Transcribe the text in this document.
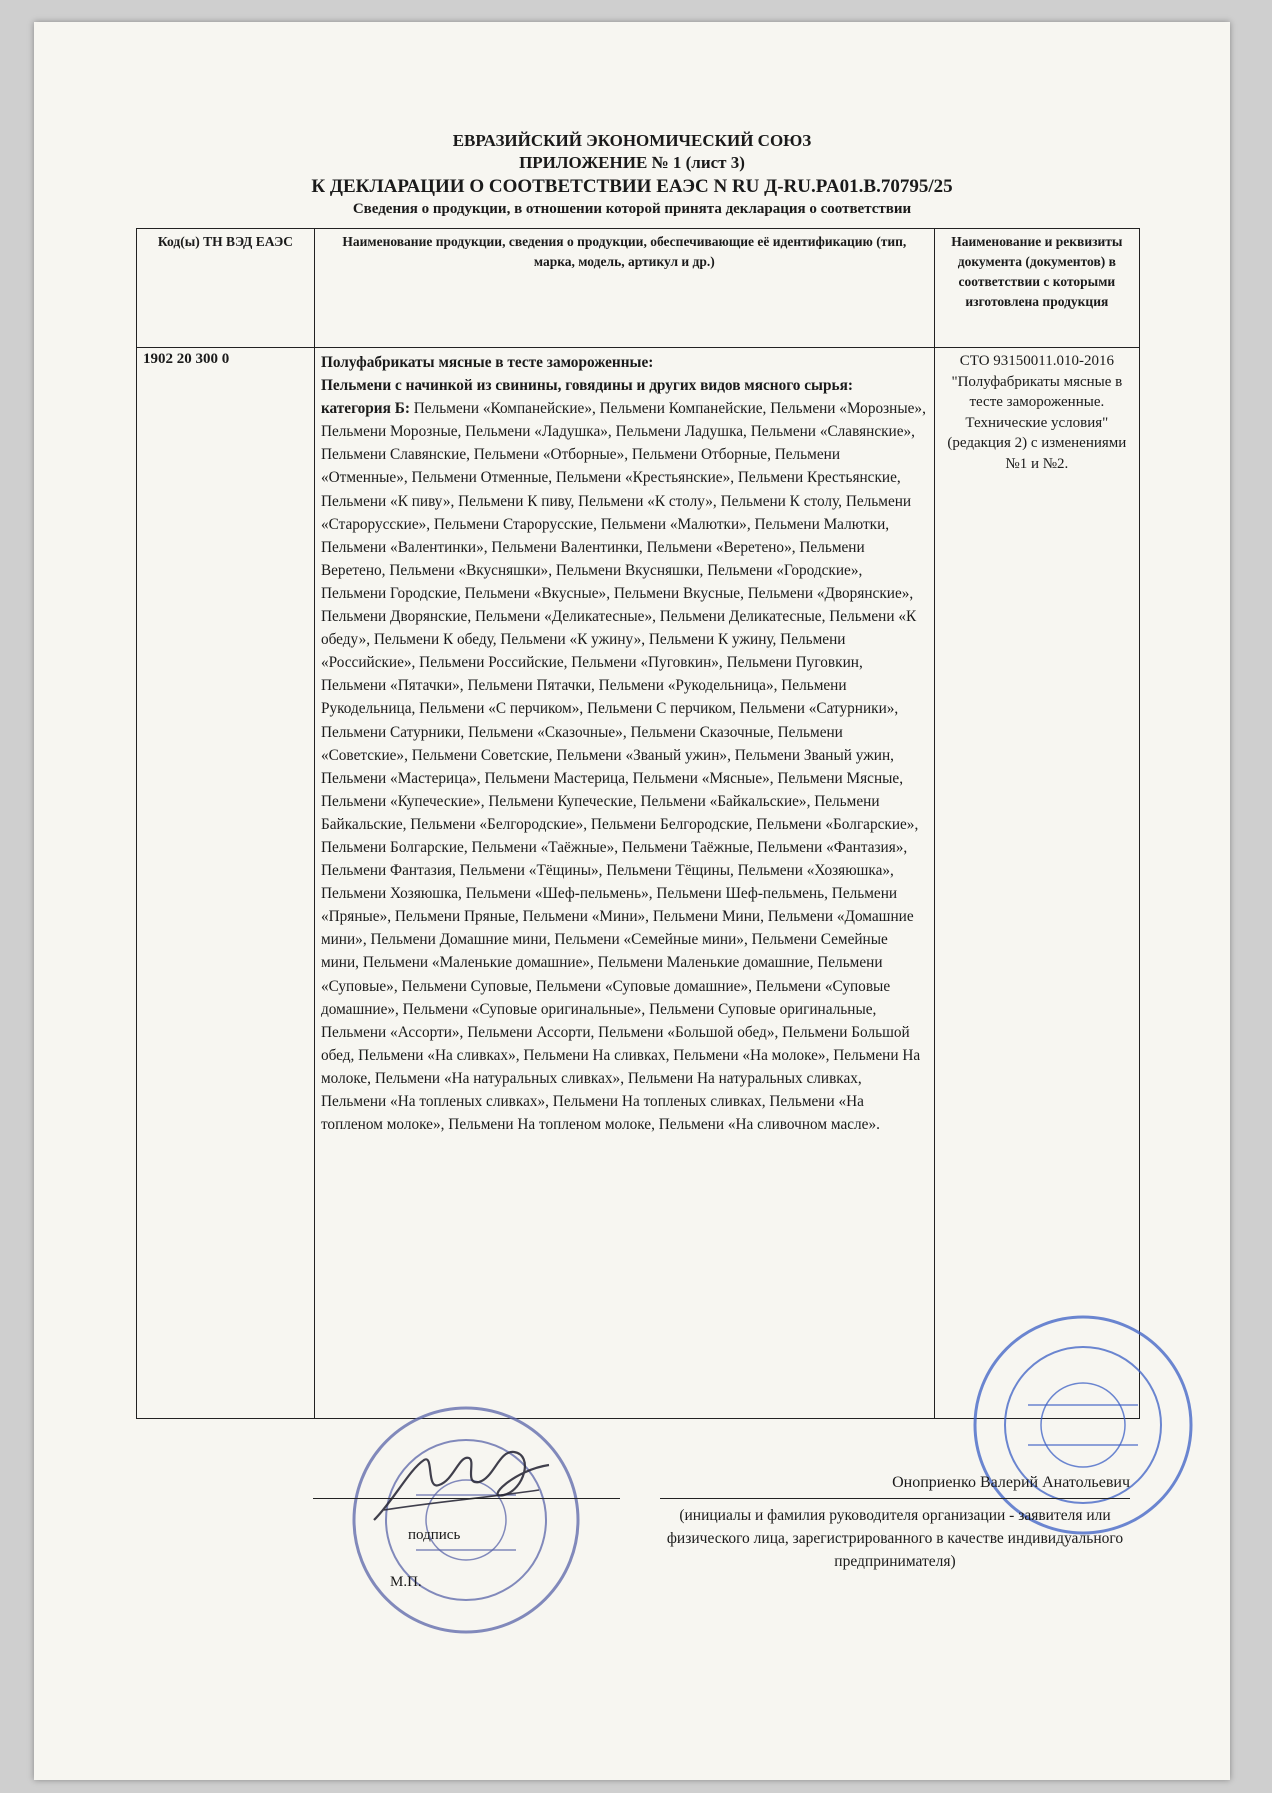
ЕВРАЗИЙСКИЙ ЭКОНОМИЧЕСКИЙ СОЮЗ
ПРИЛОЖЕНИЕ № 1 (лист 3)
К ДЕКЛАРАЦИИ О СООТВЕТСТВИИ ЕАЭС N RU Д-RU.PA01.B.70795/25
Сведения о продукции, в отношении которой принята декларация о соответствии
Код(ы) ТН ВЭД ЕАЭС	Наименование продукции, сведения о продукции, обеспечивающие её идентификацию (тип, марка, модель, артикул и др.)	Наименование и реквизиты документа (документов) в соответствии с которыми изготовлена продукция
1902 20 300 0	Полуфабрикаты мясные в тесте замороженные:
Пельмени с начинкой из свинины, говядины и других видов мясного сырья:
категория Б: Пельмени «Компанейские», Пельмени Компанейские, Пельмени «Морозные», Пельмени Морозные, Пельмени «Ладушка», Пельмени Ладушка, Пельмени «Славянские», Пельмени Славянские, Пельмени «Отборные», Пельмени Отборные, Пельмени «Отменные», Пельмени Отменные, Пельмени «Крестьянские», Пельмени Крестьянские, Пельмени «К пиву», Пельмени К пиву, Пельмени «К столу», Пельмени К столу, Пельмени «Старорусские», Пельмени Старорусские, Пельмени «Малютки», Пельмени Малютки, Пельмени «Валентинки», Пельмени Валентинки, Пельмени «Веретено», Пельмени Веретено, Пельмени «Вкусняшки», Пельмени Вкусняшки, Пельмени «Городские», Пельмени Городские, Пельмени «Вкусные», Пельмени Вкусные, Пельмени «Дворянские», Пельмени Дворянские, Пельмени «Деликатесные», Пельмени Деликатесные, Пельмени «К обеду», Пельмени К обеду, Пельмени «К ужину», Пельмени К ужину, Пельмени «Российские», Пельмени Российские, Пельмени «Пуговкин», Пельмени Пуговкин, Пельмени «Пятачки», Пельмени Пятачки, Пельмени «Рукодельница», Пельмени Рукодельница, Пельмени «С перчиком», Пельмени С перчиком, Пельмени «Сатурники», Пельмени Сатурники, Пельмени «Сказочные», Пельмени Сказочные, Пельмени «Советские», Пельмени Советские, Пельмени «Званый ужин», Пельмени Званый ужин, Пельмени «Мастерица», Пельмени Мастерица, Пельмени «Мясные», Пельмени Мясные, Пельмени «Купеческие», Пельмени Купеческие, Пельмени «Байкальские», Пельмени Байкальские, Пельмени «Белгородские», Пельмени Белгородские, Пельмени «Болгарские», Пельмени Болгарские, Пельмени «Таёжные», Пельмени Таёжные, Пельмени «Фантазия», Пельмени Фантазия, Пельмени «Тёщины», Пельмени Тёщины, Пельмени «Хозяюшка», Пельмени Хозяюшка, Пельмени «Шеф-пельмень», Пельмени Шеф-пельмень, Пельмени «Пряные», Пельмени Пряные, Пельмени «Мини», Пельмени Мини, Пельмени «Домашние мини», Пельмени Домашние мини, Пельмени «Семейные мини», Пельмени Семейные мини, Пельмени «Маленькие домашние», Пельмени Маленькие домашние, Пельмени «Суповые», Пельмени Суповые, Пельмени «Суповые домашние», Пельмени «Суповые домашние», Пельмени «Суповые оригинальные», Пельмени Суповые оригинальные, Пельмени «Ассорти», Пельмени Ассорти, Пельмени «Большой обед», Пельмени Большой обед, Пельмени «На сливках», Пельмени На сливках, Пельмени «На молоке», Пельмени На молоке, Пельмени «На натуральных сливках», Пельмени На натуральных сливках, Пельмени «На топленых сливках», Пельмени На топленых сливках, Пельмени «На топленом молоке», Пельмени На топленом молоке, Пельмени «На сливочном масле».	СТО 93150011.010-2016 "Полуфабрикаты мясные в тесте замороженные. Технические условия" (редакция 2) с изменениями №1 и №2.
Оноприенко Валерий Анатольевич
(инициалы и фамилия руководителя организации - заявителя или физического лица, зарегистрированного в качестве индивидуального предпринимателя)
подпись
М.П.
